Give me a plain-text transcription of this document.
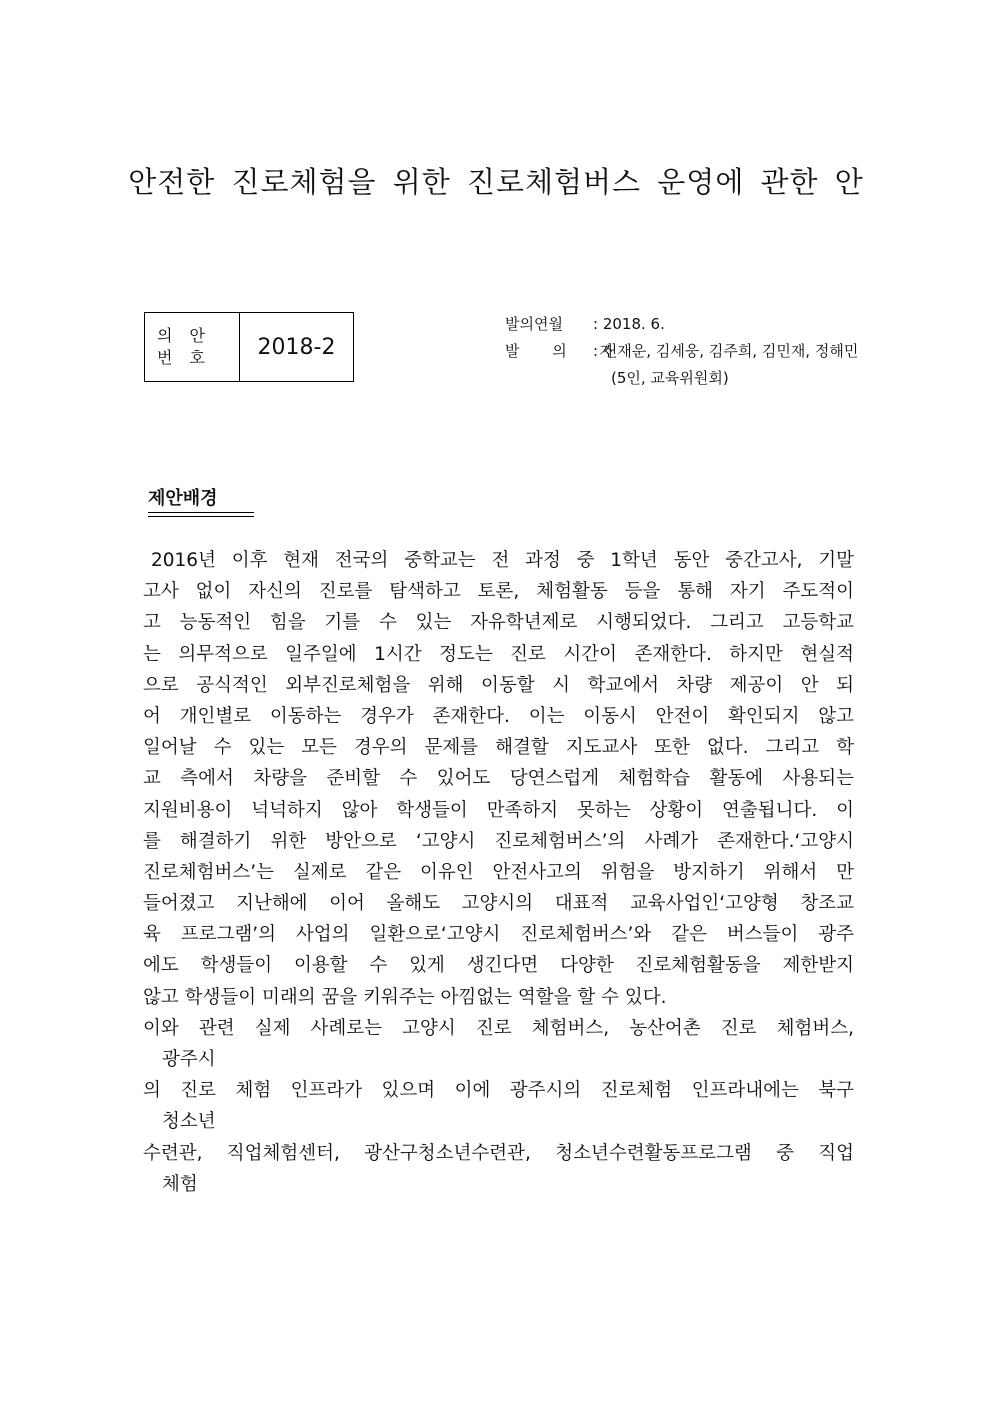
안전한 진로체험을 위한 진로체험버스 운영에 관한 안
의 안
번 호	2018-2
발의연월 : 2018. 6.
발 의 자: 신재운, 김세웅, 김주희, 김민재, 정해민
(5인, 교육위원회)
제안배경
2016년 이후 현재 전국의 중학교는 전 과정 중 1학년 동안 중간고사, 기말
고사 없이 자신의 진로를 탐색하고 토론, 체험활동 등을 통해 자기 주도적이
고 능동적인 힘을 기를 수 있는 자유학년제로 시행되었다. 그리고 고등학교
는 의무적으로 일주일에 1시간 정도는 진로 시간이 존재한다. 하지만 현실적
으로 공식적인 외부진로체험을 위해 이동할 시 학교에서 차량 제공이 안 되
어 개인별로 이동하는 경우가 존재한다. 이는 이동시 안전이 확인되지 않고
일어날 수 있는 모든 경우의 문제를 해결할 지도교사 또한 없다. 그리고 학
교 측에서 차량을 준비할 수 있어도 당연스럽게 체험학습 활동에 사용되는
지원비용이 넉넉하지 않아 학생들이 만족하지 못하는 상황이 연출됩니다. 이
를 해결하기 위한 방안으로 ‘고양시 진로체험버스’의 사례가 존재한다.‘고양시
진로체험버스’는 실제로 같은 이유인 안전사고의 위험을 방지하기 위해서 만
들어졌고 지난해에 이어 올해도 고양시의 대표적 교육사업인‘고양형 창조교
육 프로그램’의 사업의 일환으로‘고양시 진로체험버스’와 같은 버스들이 광주
에도 학생들이 이용할 수 있게 생긴다면 다양한 진로체험활동을 제한받지
않고 학생들이 미래의 꿈을 키워주는 아낌없는 역할을 할 수 있다.
이와 관련 실제 사례로는 고양시 진로 체험버스, 농산어촌 진로 체험버스,
광주시
의 진로 체험 인프라가 있으며 이에 광주시의 진로체험 인프라내에는 북구
청소년
수련관, 직업체험센터, 광산구청소년수련관, 청소년수련활동프로그램 중 직업
체험
